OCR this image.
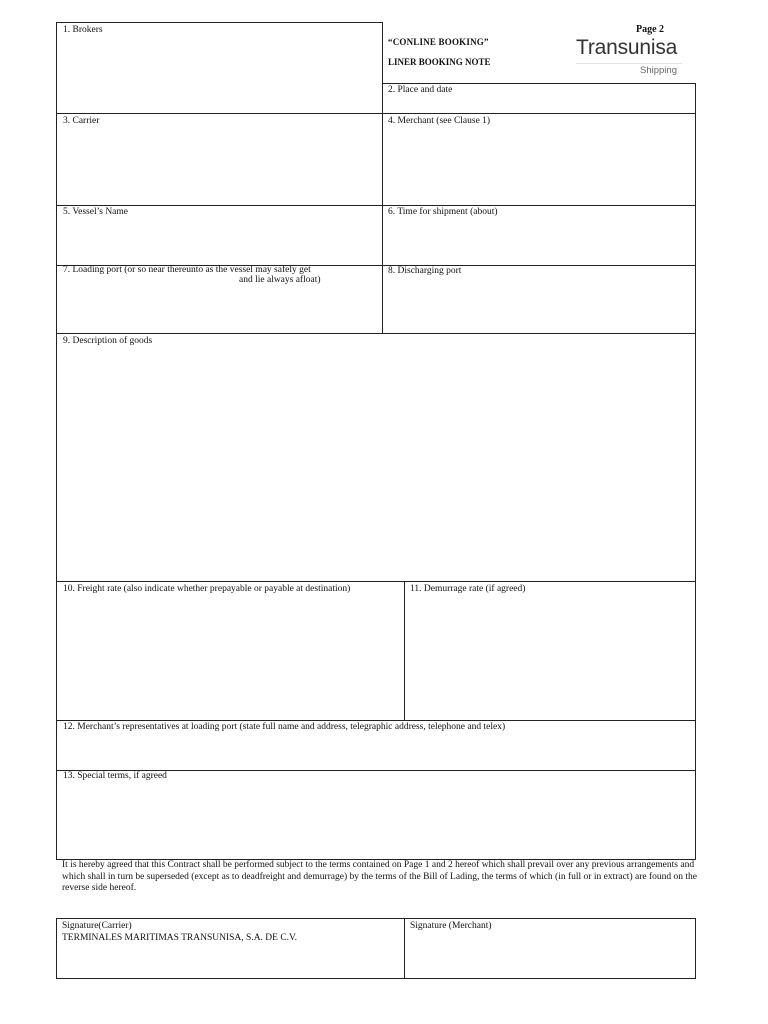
Page 2
Transunisa
Shipping
“CONLINE BOOKING”
LINER BOOKING NOTE
1. Brokers
2. Place and date
3. Carrier	4. Merchant (see Clause 1)
5. Vessel’s Name	6. Time for shipment (about)
7. Loading port (or so near thereunto as the vessel may safely get
and lie always afloat)
8. Discharging port
9. Description of goods
10. Freight rate (also indicate whether prepayable or payable at destination)	11. Demurrage rate (if agreed)
12. Merchant’s representatives at loading port (state full name and address, telegraphic address, telephone and telex)
13. Special terms, if agreed
It is hereby agreed that this Contract shall be performed subject to the terms contained on Page 1 and 2 hereof which shall prevail over any previous arrangements and which shall in turn be superseded (except as to deadfreight and demurrage) by the terms of the Bill of Lading, the terms of which (in full or in extract) are found on the reverse side hereof.
Signature(Carrier)
TERMINALES MARITIMAS TRANSUNISA, S.A. DE C.V.
Signature (Merchant)
